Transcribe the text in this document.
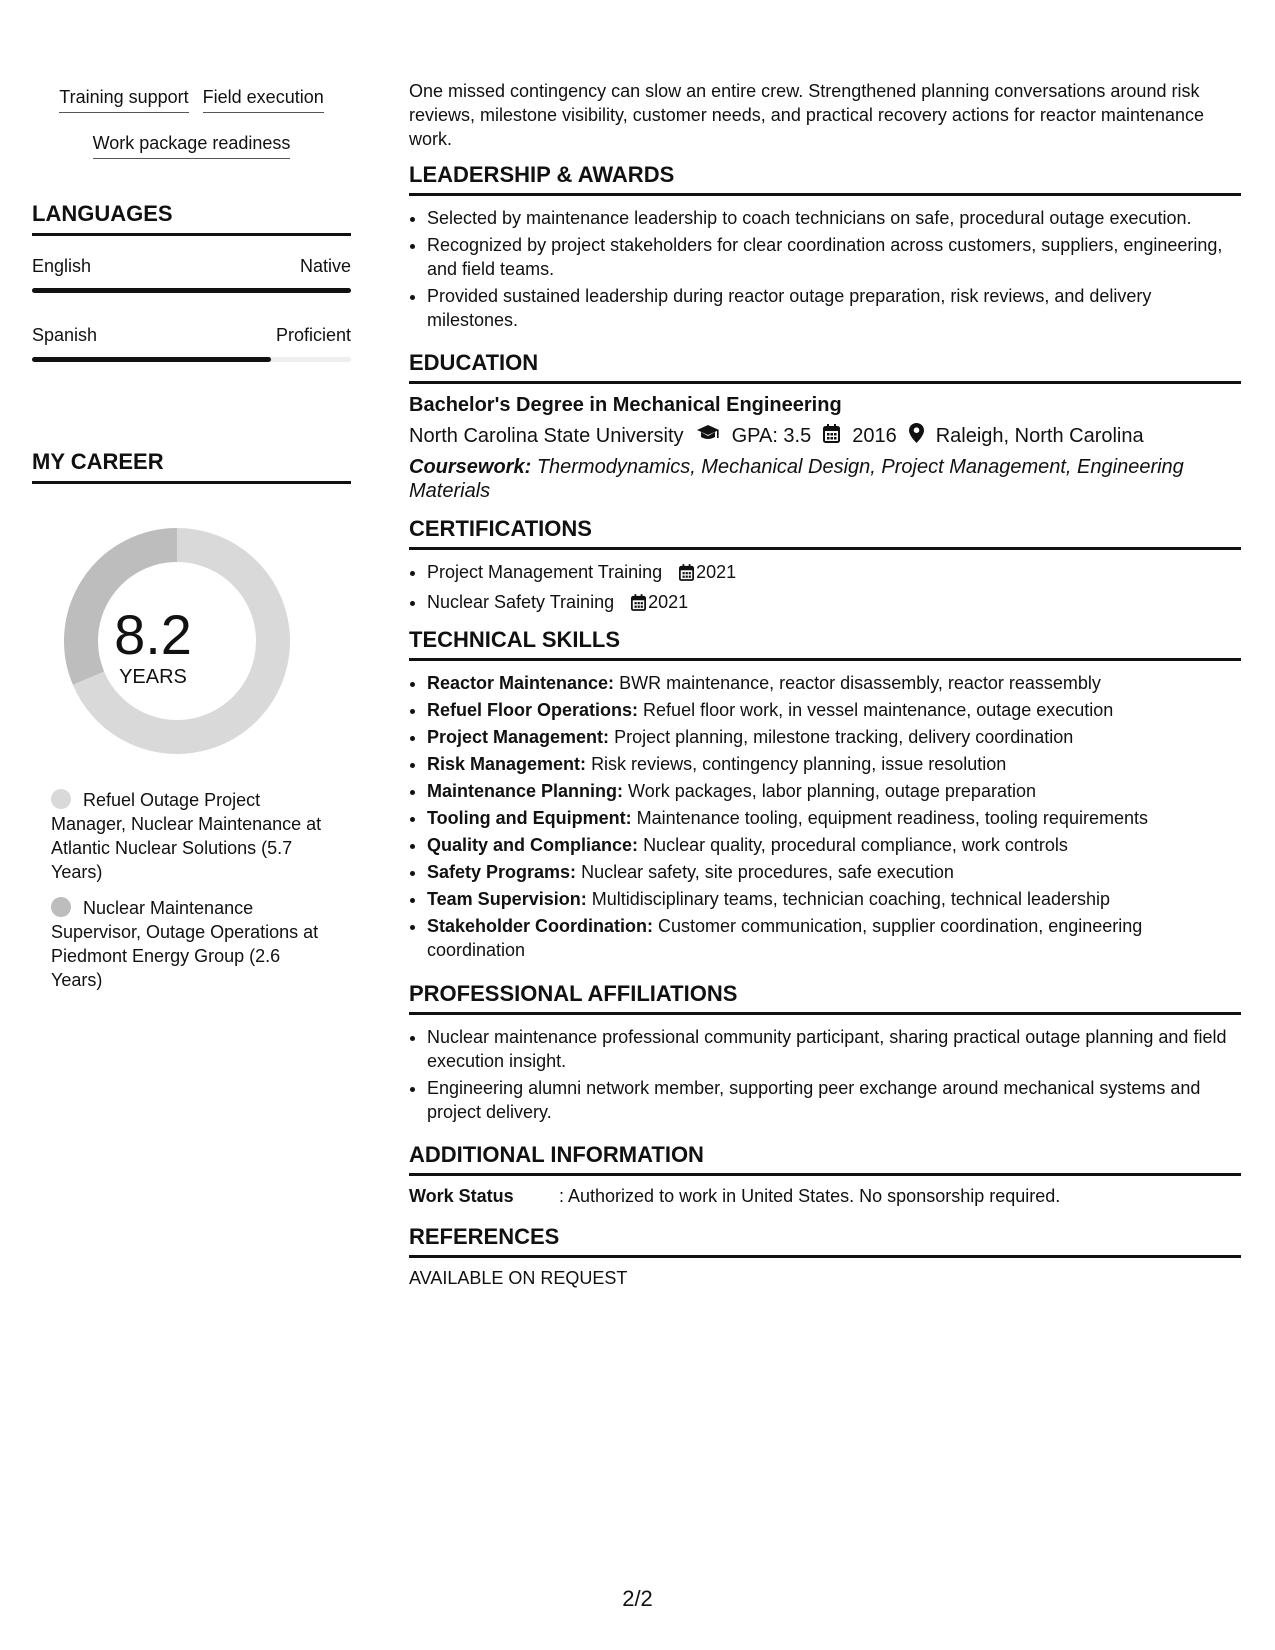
Training support Field execution
Work package readiness
LANGUAGES
English	Native
Spanish	Proficient
MY CAREER
8.2
YEARS
Refuel Outage Project Manager, Nuclear Maintenance at Atlantic Nuclear Solutions (5.7 Years)
Nuclear Maintenance Supervisor, Outage Operations at Piedmont Energy Group (2.6 Years)
One missed contingency can slow an entire crew. Strengthened planning conversations around risk reviews, milestone visibility, customer needs, and practical recovery actions for reactor maintenance work.
LEADERSHIP & AWARDS
• Selected by maintenance leadership to coach technicians on safe, procedural outage execution.
• Recognized by project stakeholders for clear coordination across customers, suppliers, engineering, and field teams.
• Provided sustained leadership during reactor outage preparation, risk reviews, and delivery milestones.
EDUCATION
Bachelor's Degree in Mechanical Engineering
North Carolina State University GPA: 3.5 2016 Raleigh, North Carolina
Coursework: Thermodynamics, Mechanical Design, Project Management, Engineering Materials
CERTIFICATIONS
• Project Management Training 2021
• Nuclear Safety Training 2021
TECHNICAL SKILLS
• Reactor Maintenance: BWR maintenance, reactor disassembly, reactor reassembly
• Refuel Floor Operations: Refuel floor work, in vessel maintenance, outage execution
• Project Management: Project planning, milestone tracking, delivery coordination
• Risk Management: Risk reviews, contingency planning, issue resolution
• Maintenance Planning: Work packages, labor planning, outage preparation
• Tooling and Equipment: Maintenance tooling, equipment readiness, tooling requirements
• Quality and Compliance: Nuclear quality, procedural compliance, work controls
• Safety Programs: Nuclear safety, site procedures, safe execution
• Team Supervision: Multidisciplinary teams, technician coaching, technical leadership
• Stakeholder Coordination: Customer communication, supplier coordination, engineering coordination
PROFESSIONAL AFFILIATIONS
• Nuclear maintenance professional community participant, sharing practical outage planning and field execution insight.
• Engineering alumni network member, supporting peer exchange around mechanical systems and project delivery.
ADDITIONAL INFORMATION
Work Status	: Authorized to work in United States. No sponsorship required.
REFERENCES
AVAILABLE ON REQUEST
2/2
